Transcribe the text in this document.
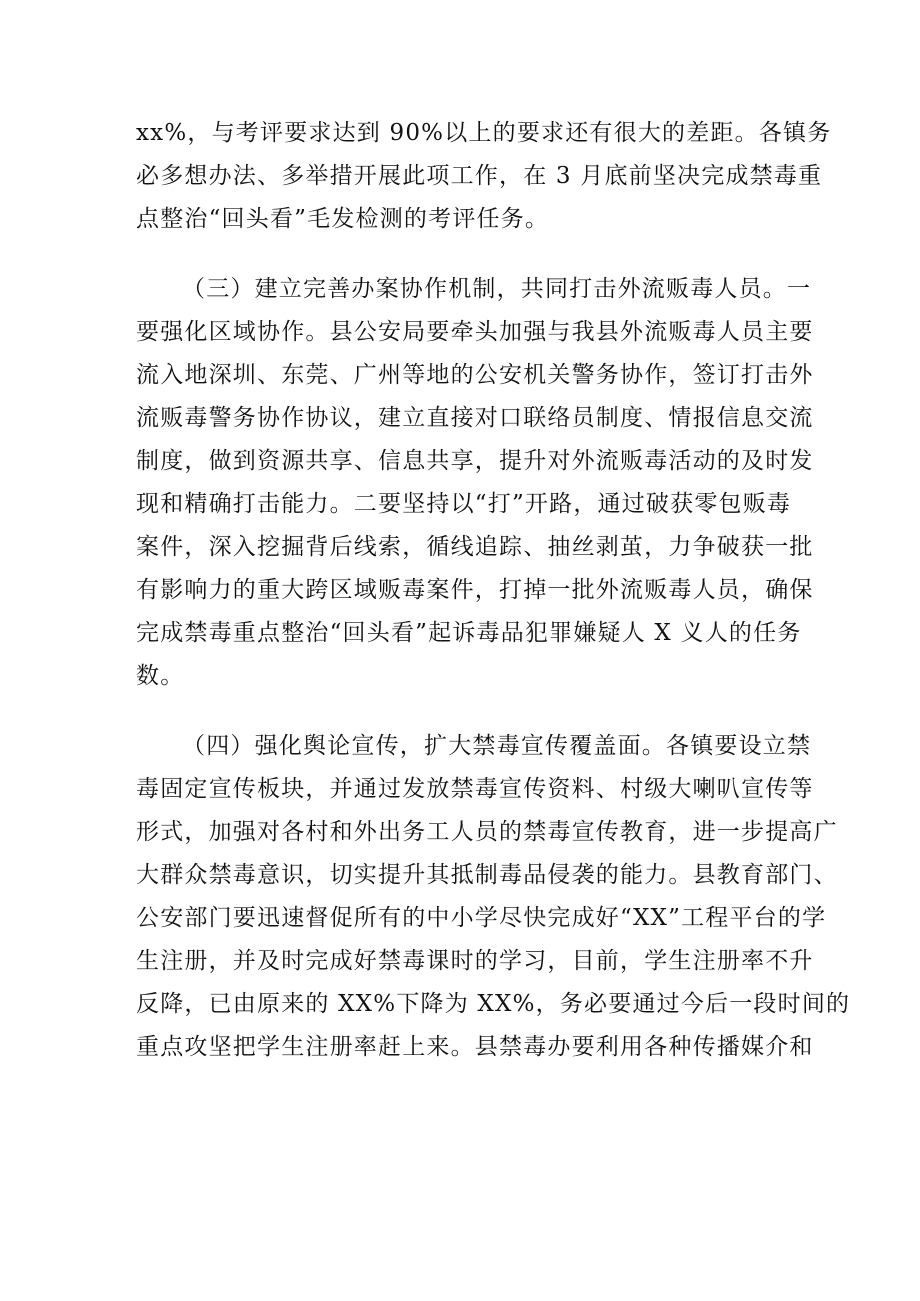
xx%，与考评要求达到 90%以上的要求还有很大的差距。各镇务
必多想办法、多举措开展此项工作，在 3 月底前坚决完成禁毒重
点整治“回头看”毛发检测的考评任务。
（三）建立完善办案协作机制，共同打击外流贩毒人员。一
要强化区域协作。县公安局要牵头加强与我县外流贩毒人员主要
流入地深圳、东莞、广州等地的公安机关警务协作，签订打击外
流贩毒警务协作协议，建立直接对口联络员制度、情报信息交流
制度，做到资源共享、信息共享，提升对外流贩毒活动的及时发
现和精确打击能力。二要坚持以“打”开路，通过破获零包贩毒
案件，深入挖掘背后线索，循线追踪、抽丝剥茧，力争破获一批
有影响力的重大跨区域贩毒案件，打掉一批外流贩毒人员，确保
完成禁毒重点整治“回头看”起诉毒品犯罪嫌疑人 X 义人的任务
数。
（四）强化舆论宣传，扩大禁毒宣传覆盖面。各镇要设立禁
毒固定宣传板块，并通过发放禁毒宣传资料、村级大喇叭宣传等
形式，加强对各村和外出务工人员的禁毒宣传教育，进一步提高广
大群众禁毒意识，切实提升其抵制毒品侵袭的能力。县教育部门、
公安部门要迅速督促所有的中小学尽快完成好“XX”工程平台的学
生注册，并及时完成好禁毒课时的学习，目前，学生注册率不升
反降，已由原来的 XX%下降为 XX%，务必要通过今后一段时间的
重点攻坚把学生注册率赶上来。县禁毒办要利用各种传播媒介和
